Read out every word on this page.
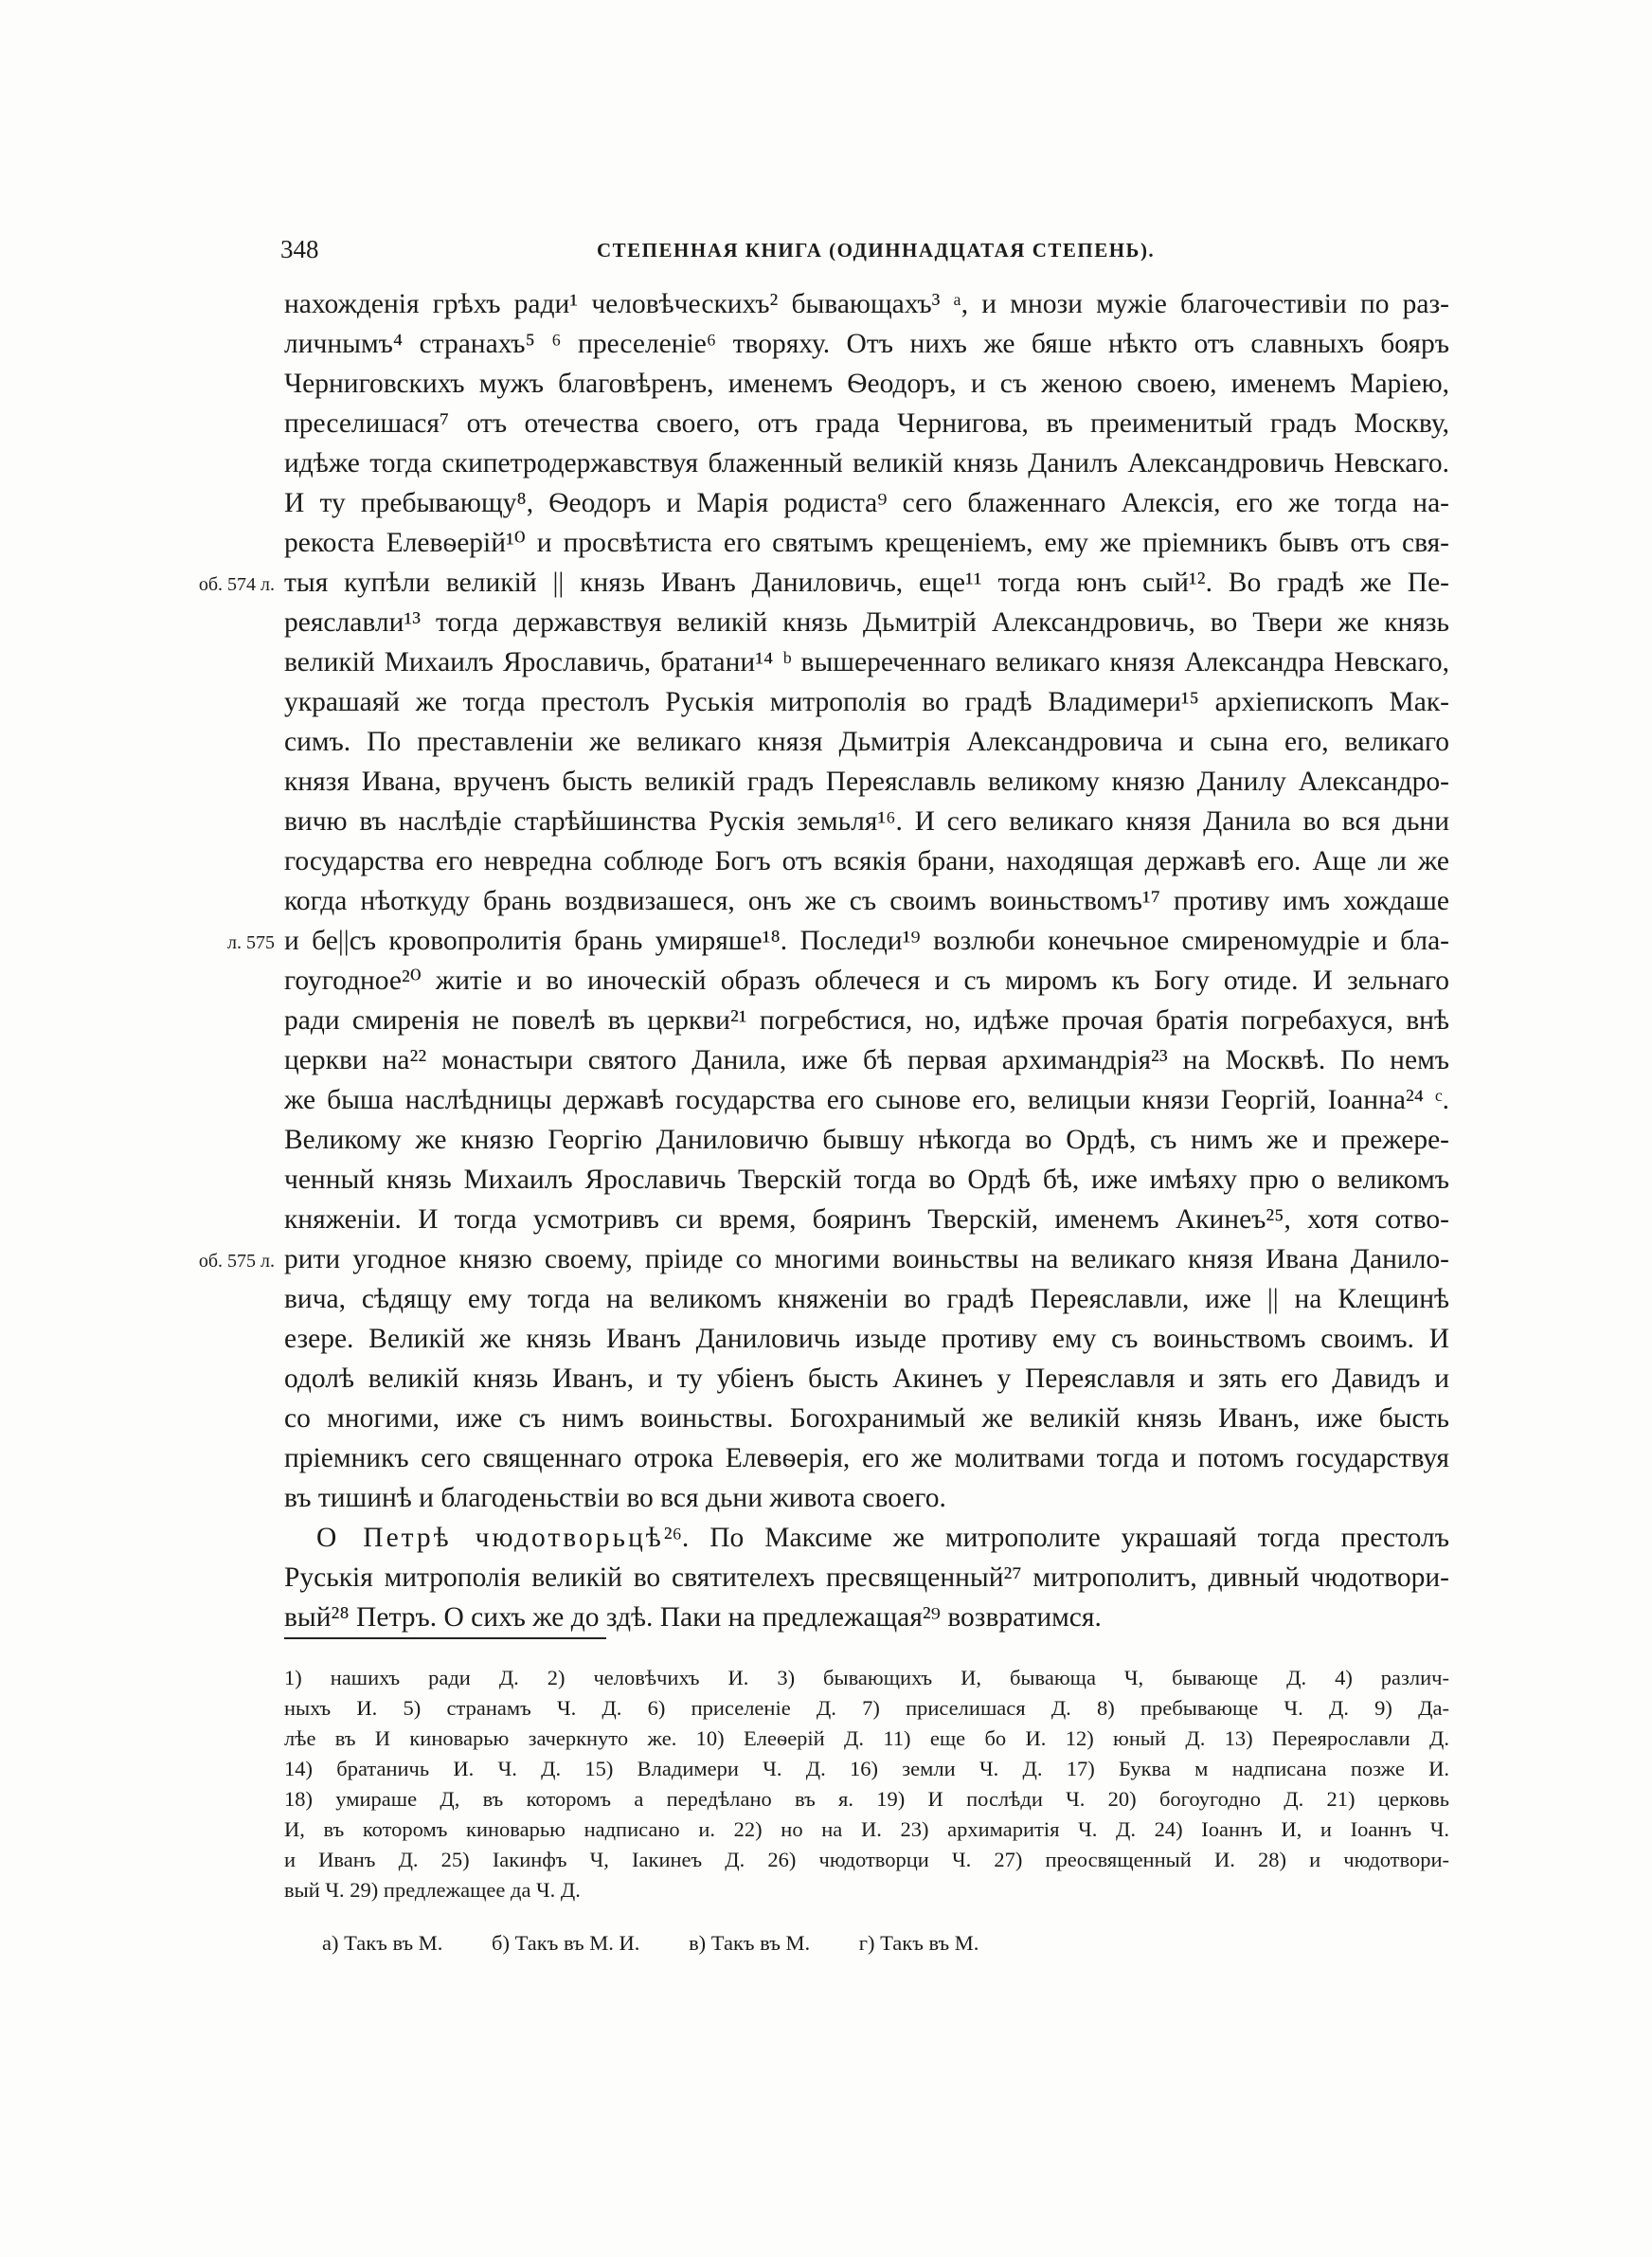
348	СТЕПЕННАЯ КНИГА (ОДИННАДЦАТАЯ СТЕПЕНЬ).
об. 574 л.
л. 575
об. 575 л.
нахожденія грѣхъ ради¹ человѣческихъ² бывающахъ³ ᵃ, и мнози мужіе благочестивіи по раз-
личнымъ⁴ странахъ⁵ ⁶ преселеніе⁶ творяху. Отъ нихъ же бяше нѣкто отъ славныхъ бояръ
Черниговскихъ мужъ благовѣренъ, именемъ Ѳеодоръ, и съ женою своею, именемъ Маріею,
преселишася⁷ отъ отечества своего, отъ града Чернигова, въ преименитый градъ Москву,
идѣже тогда скипетродержавствуя блаженный великій князь Данилъ Александровичь Невскаго.
И ту пребывающу⁸, Ѳеодоръ и Марія родиста⁹ сего блаженнаго Алексія, его же тогда на-
рекоста Елевѳерій¹⁰ и просвѣтиста его святымъ крещеніемъ, ему же пріемникъ бывъ отъ свя-
тыя купѣли великій || князь Иванъ Даниловичь, еще¹¹ тогда юнъ сый¹². Во градѣ же Пе-
реяславли¹³ тогда державствуя великій князь Дьмитрій Александровичь, во Твери же князь
великій Михаилъ Ярославичь, братани¹⁴ ᵇ вышереченнаго великаго князя Александра Невскаго,
украшаяй же тогда престолъ Руськія митрополія во градѣ Владимери¹⁵ архіепископъ Мак-
симъ. По преставленіи же великаго князя Дьмитрія Александровича и сына его, великаго
князя Ивана, врученъ бысть великій градъ Переяславль великому князю Данилу Александро-
вичю въ наслѣдіе старѣйшинства Рускія земьля¹⁶. И сего великаго князя Данила во вся дьни
государства его невредна соблюде Богъ отъ всякія брани, находящая державѣ его. Аще ли же
когда нѣоткуду брань воздвизашеся, онъ же съ своимъ воиньствомъ¹⁷ противу имъ хождаше
и бе||съ кровопролитія брань умиряше¹⁸. Последи¹⁹ возлюби конечьное смиреномудріе и бла-
гоугодное²⁰ житіе и во иноческій образъ облечеся и съ миромъ къ Богу отиде. И зельнаго
ради смиренія не повелѣ въ церкви²¹ погребстися, но, идѣже прочая братія погребахуся, внѣ
церкви на²² монастыри святого Данила, иже бѣ первая архимандрія²³ на Москвѣ. По немъ
же быша наслѣдницы державѣ государства его сынове его, велицыи князи Георгій, Іоанна²⁴ ᶜ.
Великому же князю Георгію Даниловичю бывшу нѣкогда во Ордѣ, съ нимъ же и прежере-
ченный князь Михаилъ Ярославичь Тверскій тогда во Ордѣ бѣ, иже имѣяху прю о великомъ
княженіи. И тогда усмотривъ си время, бояринъ Тверскій, именемъ Акинеъ²⁵, хотя сотво-
рити угодное князю своему, пріиде со многими воиньствы на великаго князя Ивана Данило-
вича, сѣдящу ему тогда на великомъ княженіи во градѣ Переяславли, иже || на Клещинѣ
езере. Великій же князь Иванъ Даниловичь изыде противу ему съ воиньствомъ своимъ. И
одолѣ великій князь Иванъ, и ту убіенъ бысть Акинеъ у Переяславля и зять его Давидъ и
со многими, иже съ нимъ воиньствы. Богохранимый же великій князь Иванъ, иже бысть
пріемникъ сего священнаго отрока Елевѳерія, его же молитвами тогда и потомъ государствуя
въ тишинѣ и благоденьствіи во вся дьни живота своего.
О Петрѣ чюдотворьцѣ²⁶. По Максиме же митрополите украшаяй тогда престолъ
Руськія митрополія великій во святителехъ пресвященный²⁷ митрополитъ, дивный чюдотвори-
вый²⁸ Петръ. О сихъ же до здѣ. Паки на предлежащая²⁹ возвратимся.
1) нашихъ ради Д. 2) человѣчихъ И. 3) бывающихъ И, бывающа Ч, бывающе Д. 4) различ-
ныхъ И. 5) странамъ Ч. Д. 6) приселеніе Д. 7) приселишася Д. 8) пребывающе Ч. Д. 9) Да-
лѣе въ И киноварью зачеркнуто же. 10) Елеѳерій Д. 11) еще бо И. 12) юный Д. 13) Переярославли Д.
14) братаничь И. Ч. Д. 15) Владимери Ч. Д. 16) земли Ч. Д. 17) Буква м надписана позже И.
18) умираше Д, въ которомъ а передѣлано въ я. 19) И послѣди Ч. 20) богоугодно Д. 21) церковь
И, въ которомъ киноварью надписано и. 22) но на И. 23) архимаритія Ч. Д. 24) Іоаннъ И, и Іоаннъ Ч.
и Иванъ Д. 25) Іакинфъ Ч, Іакинеъ Д. 26) чюдотворци Ч. 27) преосвященный И. 28) и чюдотвори-
вый Ч. 29) предлежащее да Ч. Д.
а) Такъ въ М. б) Такъ въ М. И. в) Такъ въ М. г) Такъ въ М.
